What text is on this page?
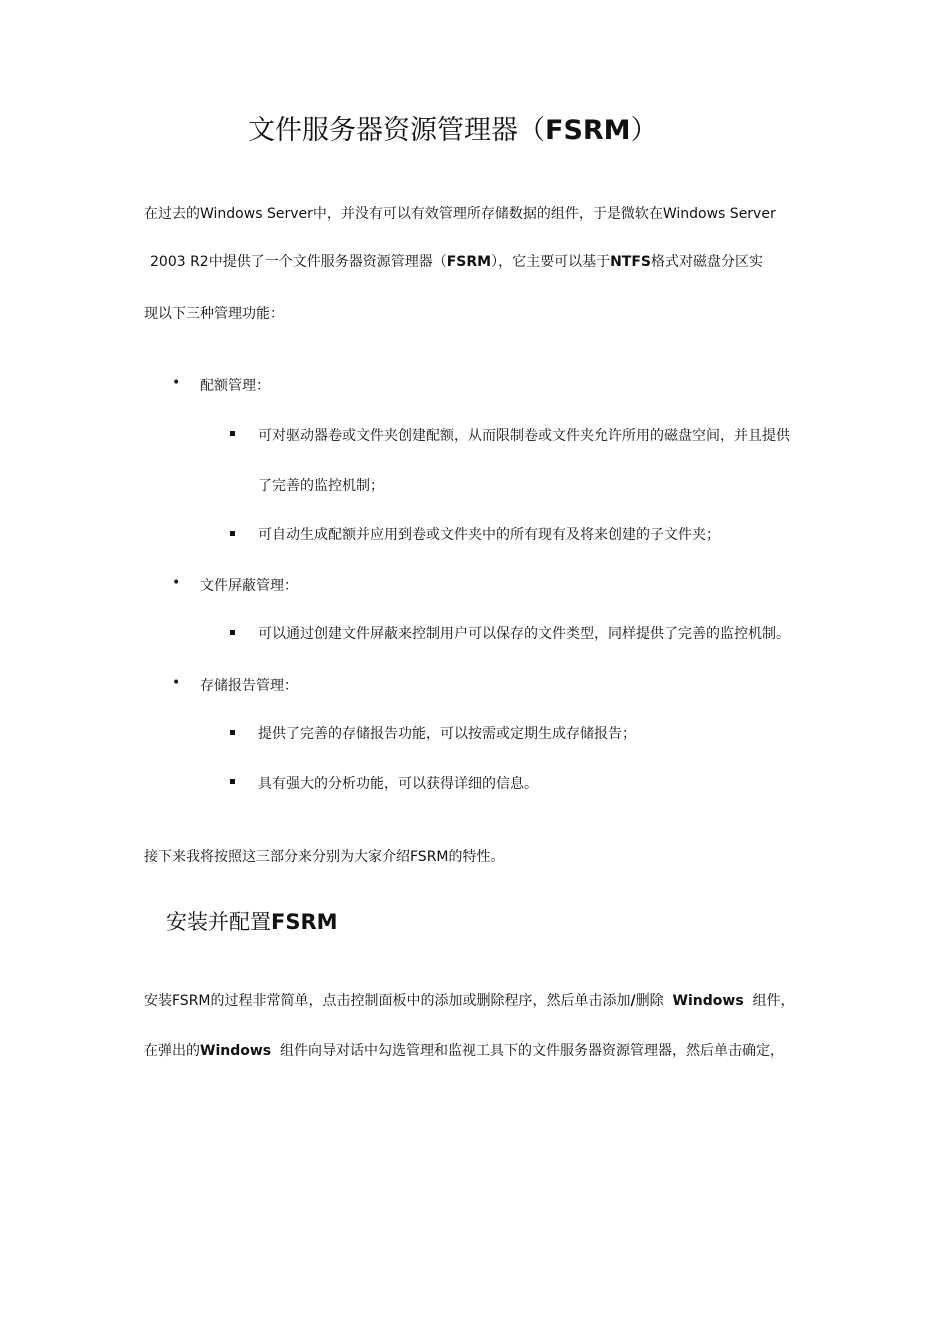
文件服务器资源管理器（FSRM）
在过去的Windows Server中，并没有可以有效管理所存储数据的组件，于是微软在Windows Server
2003 R2中提供了一个文件服务器资源管理器（FSRM），它主要可以基于NTFS格式对磁盘分区实
现以下三种管理功能：
• 配额管理：
可对驱动器卷或文件夹创建配额，从而限制卷或文件夹允许所用的磁盘空间，并且提供
了完善的监控机制；
可自动生成配额并应用到卷或文件夹中的所有现有及将来创建的子文件夹；
• 文件屏蔽管理：
可以通过创建文件屏蔽来控制用户可以保存的文件类型，同样提供了完善的监控机制。
• 存储报告管理：
提供了完善的存储报告功能，可以按需或定期生成存储报告；
具有强大的分析功能，可以获得详细的信息。
接下来我将按照这三部分来分别为大家介绍FSRM的特性。
安装并配置FSRM
安装FSRM的过程非常简单，点击控制面板中的添加或删除程序，然后单击添加/删除 Windows 组件，
在弹出的Windows 组件向导对话中勾选管理和监视工具下的文件服务器资源管理器，然后单击确定，
